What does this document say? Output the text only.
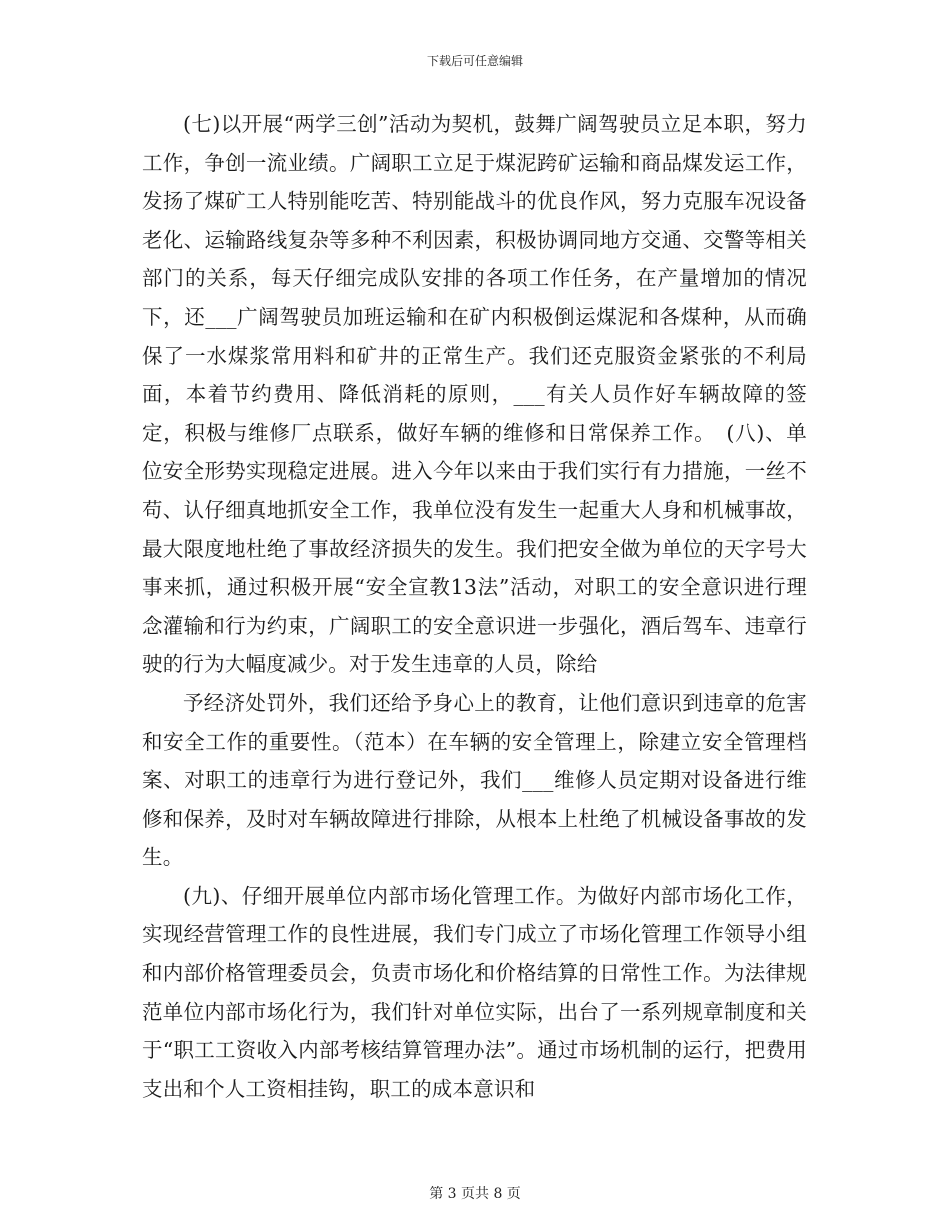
下载后可任意编辑

(七)以开展“两学三创”活动为契机，鼓舞广阔驾驶员立足本职，努力工作，争创一流业绩。广阔职工立足于煤泥跨矿运输和商品煤发运工作，发扬了煤矿工人特别能吃苦、特别能战斗的优良作风，努力克服车况设备老化、运输路线复杂等多种不利因素，积极协调同地方交通、交警等相关部门的关系，每天仔细完成队安排的各项工作任务，在产量增加的情况下，还___广阔驾驶员加班运输和在矿内积极倒运煤泥和各煤种，从而确保了一水煤浆常用料和矿井的正常生产。我们还克服资金紧张的不利局面，本着节约费用、降低消耗的原则，___有关人员作好车辆故障的签定，积极与维修厂点联系，做好车辆的维修和日常保养工作。　(八)、单位安全形势实现稳定进展。进入今年以来由于我们实行有力措施，一丝不苟、认仔细真地抓安全工作，我单位没有发生一起重大人身和机械事故，最大限度地杜绝了事故经济损失的发生。我们把安全做为单位的天字号大事来抓，通过积极开展“安全宣教13法”活动，对职工的安全意识进行理念灌输和行为约束，广阔职工的安全意识进一步强化，酒后驾车、违章行驶的行为大幅度减少。对于发生违章的人员，除给

予经济处罚外，我们还给予身心上的教育，让他们意识到违章的危害和安全工作的重要性。（范本）在车辆的安全管理上，除建立安全管理档案、对职工的违章行为进行登记外，我们___维修人员定期对设备进行维修和保养，及时对车辆故障进行排除，从根本上杜绝了机械设备事故的发生。

(九)、仔细开展单位内部市场化管理工作。为做好内部市场化工作，实现经营管理工作的良性进展，我们专门成立了市场化管理工作领导小组和内部价格管理委员会，负责市场化和价格结算的日常性工作。为法律规范单位内部市场化行为，我们针对单位实际，出台了一系列规章制度和关于“职工工资收入内部考核结算管理办法”。通过市场机制的运行，把费用支出和个人工资相挂钩，职工的成本意识和

第 3 页共 8 页
